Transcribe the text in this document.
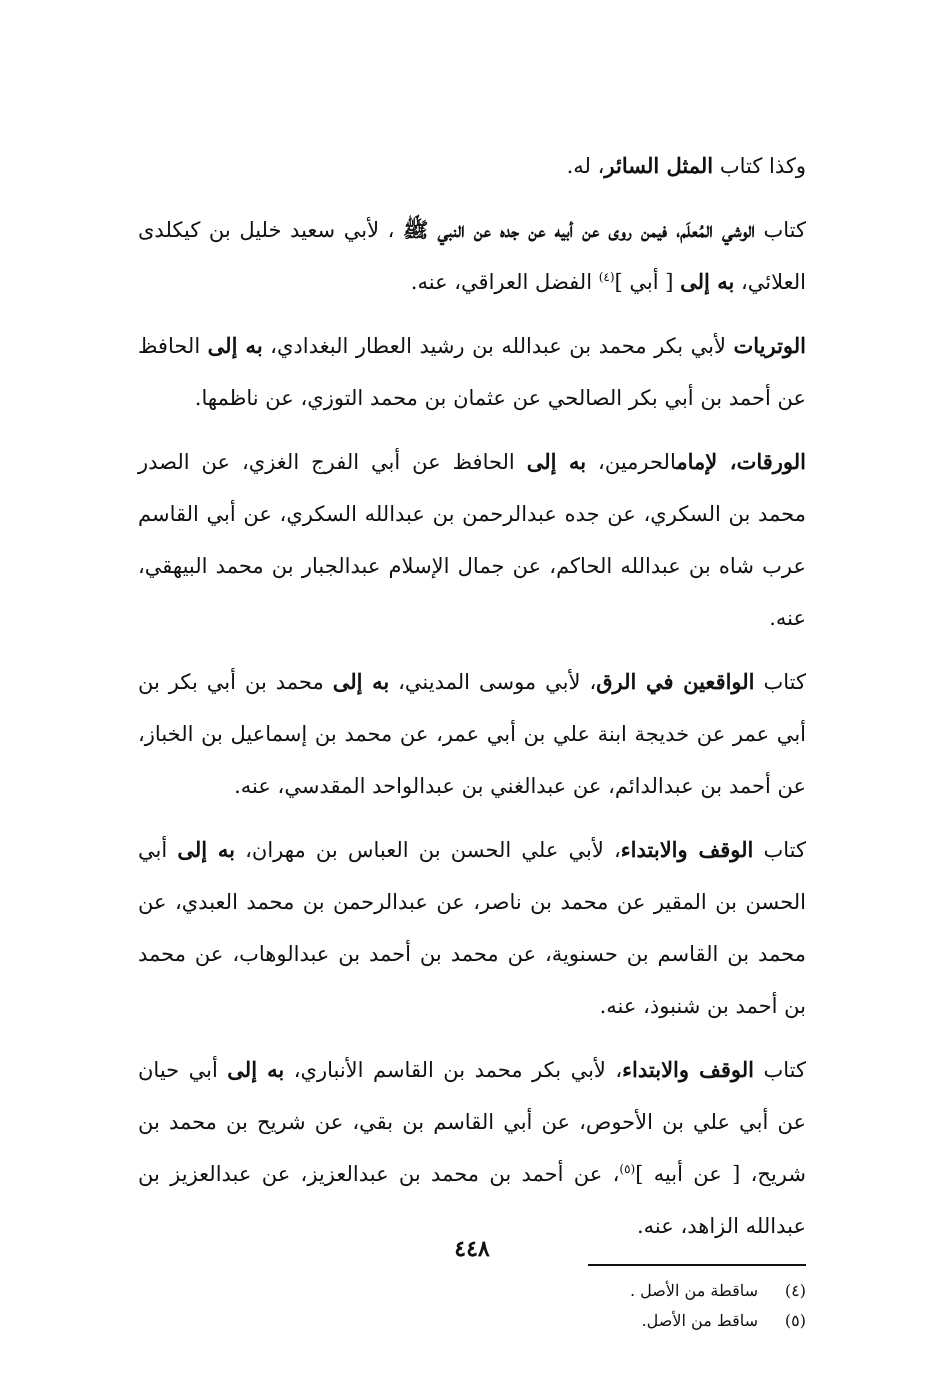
وكذا كتاب المثل السائر، له.

كتاب الوشي المُعلَم، فيمن روى عن أبيه عن جده عن النبي ﷺ ، لأبي سعيد خليل بن كيكلدى العلائي، به إلى [ أبي ]$^{(٤)}$ الفضل العراقي، عنه.

الوتريات لأبي بكر محمد بن عبدالله بن رشيد العطار البغدادي، به إلى الحافظ عن أحمد بن أبي بكر الصالحي عن عثمان بن محمد التوزي، عن ناظمها.

الورقات، لإمامالحرمين، به إلى الحافظ عن أبي الفرج الغزي، عن الصدر محمد بن السكري، عن جده عبدالرحمن بن عبدالله السكري، عن أبي القاسم عرب شاه بن عبدالله الحاكم، عن جمال الإسلام عبدالجبار بن محمد البيهقي، عنه.

كتاب الواقعين في الرق، لأبي موسى المديني، به إلى محمد بن أبي بكر بن أبي عمر عن خديجة ابنة علي بن أبي عمر، عن محمد بن إسماعيل بن الخباز، عن أحمد بن عبدالدائم، عن عبدالغني بن عبدالواحد المقدسي، عنه.

كتاب الوقف والابتداء، لأبي علي الحسن بن العباس بن مهران، به إلى أبي الحسن بن المقير عن محمد بن ناصر، عن عبدالرحمن بن محمد العبدي، عن محمد بن القاسم بن حسنوية، عن محمد بن أحمد بن عبدالوهاب، عن محمد بن أحمد بن شنبوذ، عنه.

كتاب الوقف والابتداء، لأبي بكر محمد بن القاسم الأنباري، به إلى أبي حيان عن أبي علي بن الأحوص، عن أبي القاسم بن بقي، عن شريح بن محمد بن شريح، [ عن أبيه ]$^{(٥)}$، عن أحمد بن محمد بن عبدالعزيز، عن عبدالعزيز بن عبدالله الزاهد، عنه.

(٤)
ساقطة من الأصل .
(٥)
ساقط من الأصل.
٤٤٨
